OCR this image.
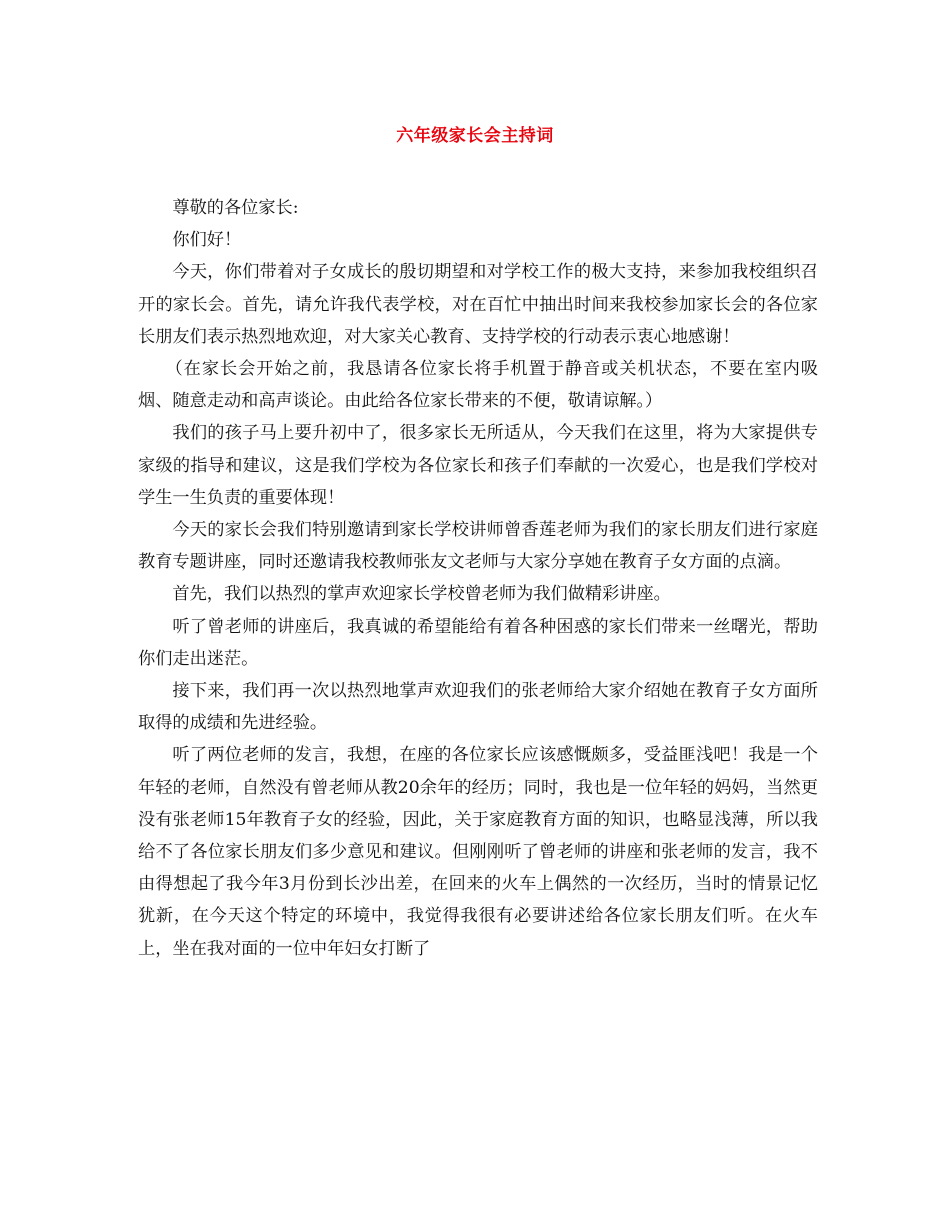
六年级家长会主持词

尊敬的各位家长:

你们好！

今天，你们带着对子女成长的殷切期望和对学校工作的极大支持，来参加我校组织召开的家长会。首先，请允许我代表学校，对在百忙中抽出时间来我校参加家长会的各位家长朋友们表示热烈地欢迎，对大家关心教育、支持学校的行动表示衷心地感谢！

（在家长会开始之前，我恳请各位家长将手机置于静音或关机状态，不要在室内吸烟、随意走动和高声谈论。由此给各位家长带来的不便，敬请谅解。）

我们的孩子马上要升初中了，很多家长无所适从，今天我们在这里，将为大家提供专家级的指导和建议，这是我们学校为各位家长和孩子们奉献的一次爱心，也是我们学校对学生一生负责的重要体现！

今天的家长会我们特别邀请到家长学校讲师曾香莲老师为我们的家长朋友们进行家庭教育专题讲座，同时还邀请我校教师张友文老师与大家分享她在教育子女方面的点滴。

首先，我们以热烈的掌声欢迎家长学校曾老师为我们做精彩讲座。

听了曾老师的讲座后，我真诚的希望能给有着各种困惑的家长们带来一丝曙光，帮助你们走出迷茫。

接下来，我们再一次以热烈地掌声欢迎我们的张老师给大家介绍她在教育子女方面所取得的成绩和先进经验。

听了两位老师的发言，我想，在座的各位家长应该感慨颇多，受益匪浅吧！我是一个年轻的老师，自然没有曾老师从教20余年的经历；同时，我也是一位年轻的妈妈，当然更没有张老师15年教育子女的经验，因此，关于家庭教育方面的知识，也略显浅薄，所以我给不了各位家长朋友们多少意见和建议。但刚刚听了曾老师的讲座和张老师的发言，我不由得想起了我今年3月份到长沙出差，在回来的火车上偶然的一次经历，当时的情景记忆犹新，在今天这个特定的环境中，我觉得我很有必要讲述给各位家长朋友们听。在火车上，坐在我对面的一位中年妇女打断了
